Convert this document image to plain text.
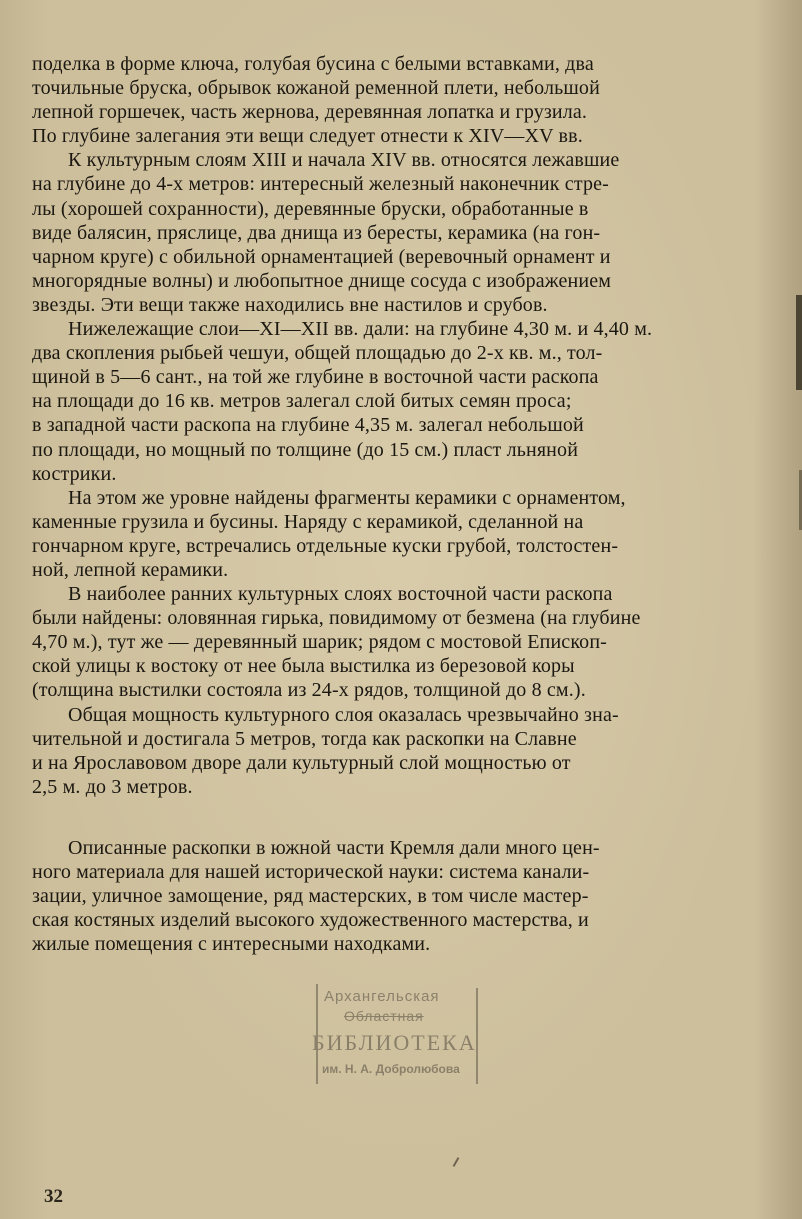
поделка в форме ключа, голубая бусина с белыми вставками, два
точильные бруска, обрывок кожаной ременной плети, небольшой
лепной горшечек, часть жернова, деревянная лопатка и грузила.
По глубине залегания эти вещи следует отнести к XIV—XV вв.
К культурным слоям XIII и начала XIV вв. относятся лежавшие
на глубине до 4-х метров: интересный железный наконечник стре-
лы (хорошей сохранности), деревянные бруски, обработанные в
виде балясин, пряслице, два днища из бересты, керамика (на гон-
чарном круге) с обильной орнаментацией (веревочный орнамент и
многорядные волны) и любопытное днище сосуда с изображением
звезды. Эти вещи также находились вне настилов и срубов.
Нижележащие слои—XI—XII вв. дали: на глубине 4,30 м. и 4,40 м.
два скопления рыбьей чешуи, общей площадью до 2-х кв. м., тол-
щиной в 5—6 сант., на той же глубине в восточной части раскопа
на площади до 16 кв. метров залегал слой битых семян проса;
в западной части раскопа на глубине 4,35 м. залегал небольшой
по площади, но мощный по толщине (до 15 см.) пласт льняной
кострики.
На этом же уровне найдены фрагменты керамики с орнаментом,
каменные грузила и бусины. Наряду с керамикой, сделанной на
гончарном круге, встречались отдельные куски грубой, толстостен-
ной, лепной керамики.
В наиболее ранних культурных слоях восточной части раскопа
были найдены: оловянная гирька, повидимому от безмена (на глубине
4,70 м.), тут же — деревянный шарик; рядом с мостовой Епископ-
ской улицы к востоку от нее была выстилка из березовой коры
(толщина выстилки состояла из 24-х рядов, толщиной до 8 см.).
Общая мощность культурного слоя оказалась чрезвычайно зна-
чительной и достигала 5 метров, тогда как раскопки на Славне
и на Ярославовом дворе дали культурный слой мощностью от
2,5 м. до 3 метров.
Описанные раскопки в южной части Кремля дали много цен-
ного материала для нашей исторической науки: система канали-
зации, уличное замощение, ряд мастерских, в том числе мастер-
ская костяных изделий высокого художественного мастерства, и
жилые помещения с интересными находками.
Архангельская
Областная
БИБЛИОТЕКА
им. Н. А. Добролюбова
32
